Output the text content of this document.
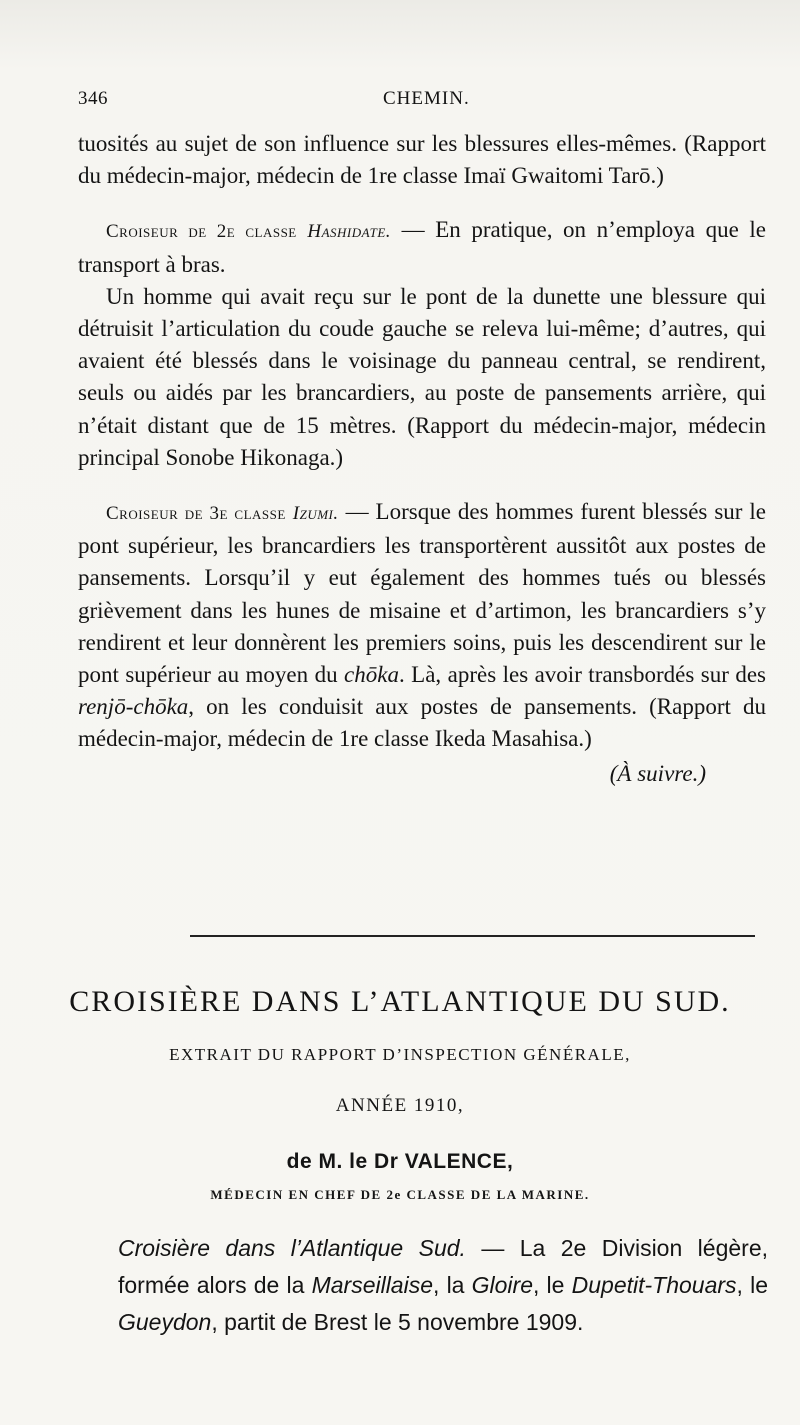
346	CHEMIN.

tuosités au sujet de son influence sur les blessures elles-mêmes. (Rapport du médecin-major, médecin de 1re classe Imaï Gwaitomi Tarō.)

Croiseur de 2e classe Hashidate. — En pratique, on n’employa que le transport à bras.

Un homme qui avait reçu sur le pont de la dunette une blessure qui détruisit l’articulation du coude gauche se releva lui-même; d’autres, qui avaient été blessés dans le voisinage du panneau central, se rendirent, seuls ou aidés par les brancardiers, au poste de pansements arrière, qui n’était distant que de 15 mètres. (Rapport du médecin-major, médecin principal Sonobe Hikonaga.)

Croiseur de 3e classe Izumi. — Lorsque des hommes furent blessés sur le pont supérieur, les brancardiers les transportèrent aussitôt aux postes de pansements. Lorsqu’il y eut également des hommes tués ou blessés grièvement dans les hunes de misaine et d’artimon, les brancardiers s’y rendirent et leur donnèrent les premiers soins, puis les descendirent sur le pont supérieur au moyen du chōka. Là, après les avoir transbordés sur des renjō-chōka, on les conduisit aux postes de pansements. (Rapport du médecin-major, médecin de 1re classe Ikeda Masahisa.)

(À suivre.)

CROISIÈRE DANS L’ATLANTIQUE DU SUD.
EXTRAIT DU RAPPORT D’INSPECTION GÉNÉRALE,
ANNÉE 1910,
de M. le Dr VALENCE,
MÉDECIN EN CHEF DE 2e CLASSE DE LA MARINE.

Croisière dans l’Atlantique Sud. — La 2e Division légère, formée alors de la Marseillaise, la Gloire, le Dupetit-Thouars, le Gueydon, partit de Brest le 5 novembre 1909.
